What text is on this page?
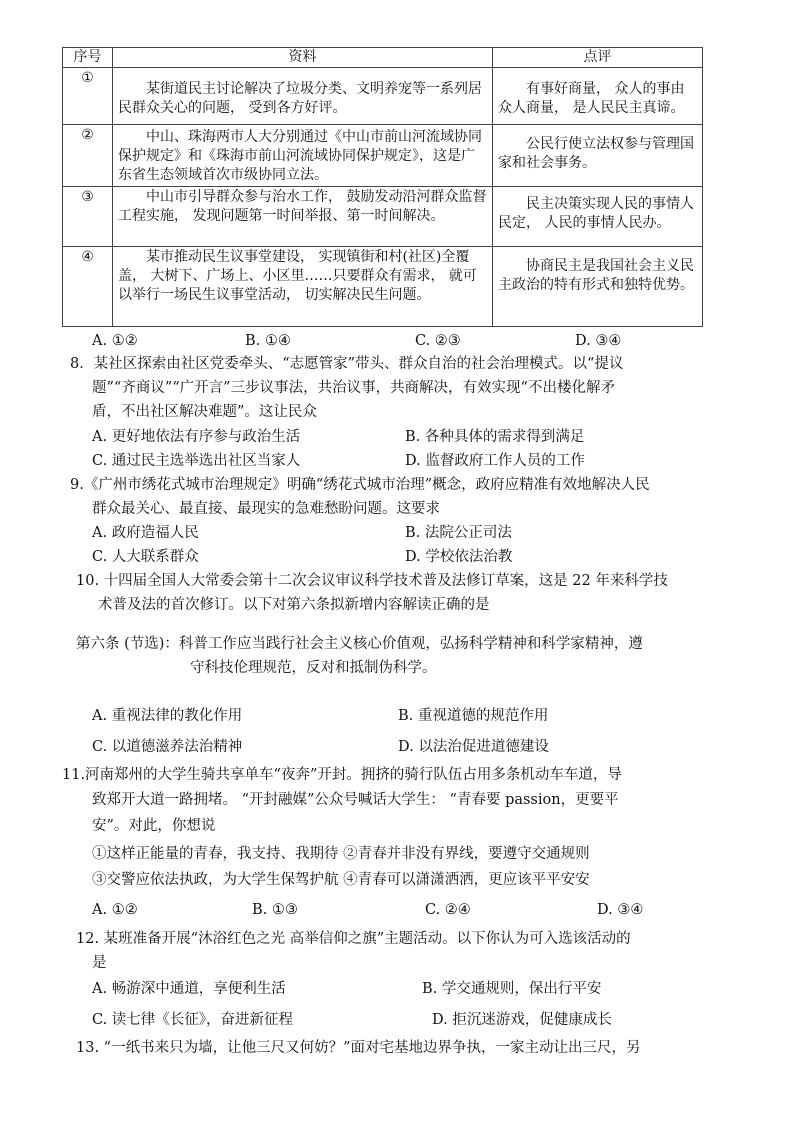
序号	资料	点评
①	某街道民主讨论解决了垃圾分类、文明养宠等一系列居民群众关心的问题， 受到各方好评。	有事好商量， 众人的事由众人商量， 是人民民主真谛。
②	中山、珠海两市人大分别通过《中山市前山河流域协同保护规定》和《珠海市前山河流域协同保护规定》，这是广东省生态领域首次市级协同立法。	公民行使立法权参与管理国家和社会事务。
③	中山市引导群众参与治水工作， 鼓励发动沿河群众监督工程实施， 发现问题第一时间举报、第一时间解决。	民主决策实现人民的事情人民定， 人民的事情人民办。
④	某市推动民生议事堂建设， 实现镇街和村(社区)全覆盖， 大树下、广场上、小区里……只要群众有需求， 就可以举行一场民生议事堂活动， 切实解决民生问题。	协商民主是我国社会主义民主政治的特有形式和独特优势。
A. ①②	B. ①④	C. ②③	D. ③④
8．某社区探索由社区党委牵头、“志愿管家”带头、群众自治的社会治理模式。以“提议
题”“齐商议”“广开言”三步议事法，共治议事，共商解决，有效实现“不出楼化解矛
盾，不出社区解决难题”。这让民众
A. 更好地依法有序参与政治生活	B. 各种具体的需求得到满足
C. 通过民主选举选出社区当家人	D. 监督政府工作人员的工作
9.《广州市绣花式城市治理规定》明确“绣花式城市治理”概念，政府应精准有效地解决人民
群众最关心、最直接、最现实的急难愁盼问题。这要求
A. 政府造福人民	B. 法院公正司法
C. 人大联系群众	D. 学校依法治教
10. 十四届全国人大常委会第十二次会议审议科学技术普及法修订草案，这是 22 年来科学技
术普及法的首次修订。以下对第六条拟新增内容解读正确的是
第六条 (节选)：科普工作应当践行社会主义核心价值观，弘扬科学精神和科学家精神，遵
守科技伦理规范，反对和抵制伪科学。
A. 重视法律的教化作用	B. 重视道德的规范作用
C. 以道德滋养法治精神	D. 以法治促进道德建设
11.河南郑州的大学生骑共享单车“夜奔”开封。拥挤的骑行队伍占用多条机动车车道，导
致郑开大道一路拥堵。 “开封融媒”公众号喊话大学生： “青春要 passion，更要平
安”。对此，你想说
①这样正能量的青春，我支持、我期待 ②青春并非没有界线，要遵守交通规则
③交警应依法执政，为大学生保驾护航 ④青春可以潇潇洒洒，更应该平平安安
A. ①②	B. ①③	C. ②④	D. ③④
12. 某班准备开展“沐浴红色之光 高举信仰之旗”主题活动。以下你认为可入选该活动的
是
A. 畅游深中通道，享便利生活	B. 学交通规则，保出行平安
C. 读七律《长征》，奋进新征程	D. 拒沉迷游戏，促健康成长
13. “一纸书来只为墙，让他三尺又何妨？”面对宅基地边界争执，一家主动让出三尺，另
